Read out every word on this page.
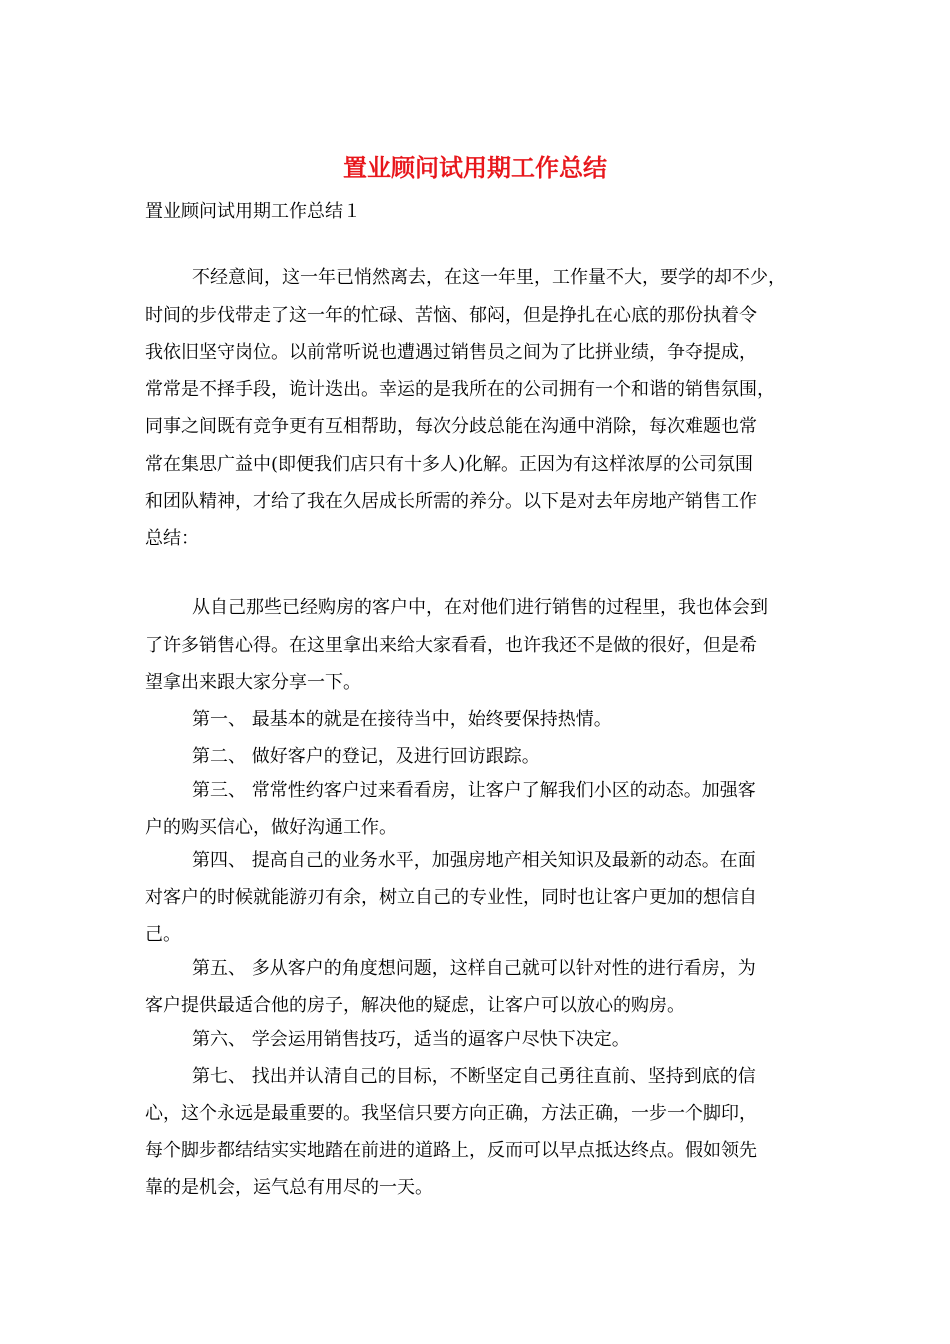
置业顾问试用期工作总结
置业顾问试用期工作总结１
不经意间，这一年已悄然离去，在这一年里，工作量不大，要学的却不少，
时间的步伐带走了这一年的忙碌、苦恼、郁闷，但是挣扎在心底的那份执着令
我依旧坚守岗位。以前常听说也遭遇过销售员之间为了比拼业绩，争夺提成，
常常是不择手段，诡计迭出。幸运的是我所在的公司拥有一个和谐的销售氛围，
同事之间既有竞争更有互相帮助，每次分歧总能在沟通中消除，每次难题也常
常在集思广益中(即便我们店只有十多人)化解。正因为有这样浓厚的公司氛围
和团队精神，才给了我在久居成长所需的养分。以下是对去年房地产销售工作
总结：
从自己那些已经购房的客户中，在对他们进行销售的过程里，我也体会到
了许多销售心得。在这里拿出来给大家看看，也许我还不是做的很好，但是希
望拿出来跟大家分享一下。
第一、 最基本的就是在接待当中，始终要保持热情。
第二、 做好客户的登记，及进行回访跟踪。
第三、 常常性约客户过来看看房，让客户了解我们小区的动态。加强客
户的购买信心，做好沟通工作。
第四、 提高自己的业务水平，加强房地产相关知识及最新的动态。在面
对客户的时候就能游刃有余，树立自己的专业性，同时也让客户更加的想信自
己。
第五、 多从客户的角度想问题，这样自己就可以针对性的进行看房，为
客户提供最适合他的房子，解决他的疑虑，让客户可以放心的购房。
第六、 学会运用销售技巧，适当的逼客户尽快下决定。
第七、 找出并认清自己的目标，不断坚定自己勇往直前、坚持到底的信
心，这个永远是最重要的。我坚信只要方向正确，方法正确，一步一个脚印，
每个脚步都结结实实地踏在前进的道路上，反而可以早点抵达终点。假如领先
靠的是机会，运气总有用尽的一天。
